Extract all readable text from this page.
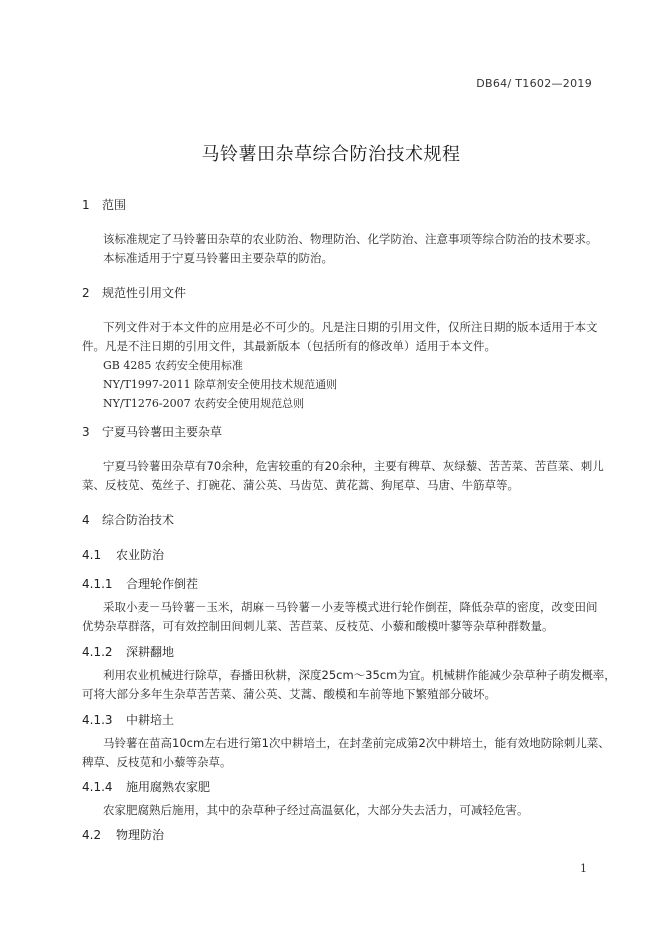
DB64/ T1602—2019
马铃薯田杂草综合防治技术规程
1 范围
该标准规定了马铃薯田杂草的农业防治、物理防治、化学防治、注意事项等综合防治的技术要求。
本标准适用于宁夏马铃薯田主要杂草的防治。
2 规范性引用文件
下列文件对于本文件的应用是必不可少的。凡是注日期的引用文件，仅所注日期的版本适用于本文
件。凡是不注日期的引用文件，其最新版本（包括所有的修改单）适用于本文件。
GB 4285 农药安全使用标准
NY/T1997-2011 除草剂安全使用技术规范通则
NY/T1276-2007 农药安全使用规范总则
3 宁夏马铃薯田主要杂草
宁夏马铃薯田杂草有70余种，危害较重的有20余种，主要有稗草、灰绿藜、苦苦菜、苦苣菜、刺儿
菜、反枝苋、菟丝子、打碗花、蒲公英、马齿苋、黄花蒿、狗尾草、马唐、牛筋草等。
4 综合防治技术
4.1 农业防治
4.1.1 合理轮作倒茬
采取小麦－马铃薯－玉米，胡麻－马铃薯－小麦等模式进行轮作倒茬，降低杂草的密度，改变田间
优势杂草群落，可有效控制田间刺儿菜、苦苣菜、反枝苋、小藜和酸模叶蓼等杂草种群数量。
4.1.2 深耕翻地
利用农业机械进行除草，春播田秋耕，深度25cm～35cm为宜。机械耕作能减少杂草种子萌发概率，
可将大部分多年生杂草苦苦菜、蒲公英、艾蒿、酸模和车前等地下繁殖部分破坏。
4.1.3 中耕培土
马铃薯在苗高10cm左右进行第1次中耕培土，在封垄前完成第2次中耕培土，能有效地防除刺儿菜、
稗草、反枝苋和小藜等杂草。
4.1.4 施用腐熟农家肥
农家肥腐熟后施用，其中的杂草种子经过高温氨化，大部分失去活力，可减轻危害。
4.2 物理防治
1
